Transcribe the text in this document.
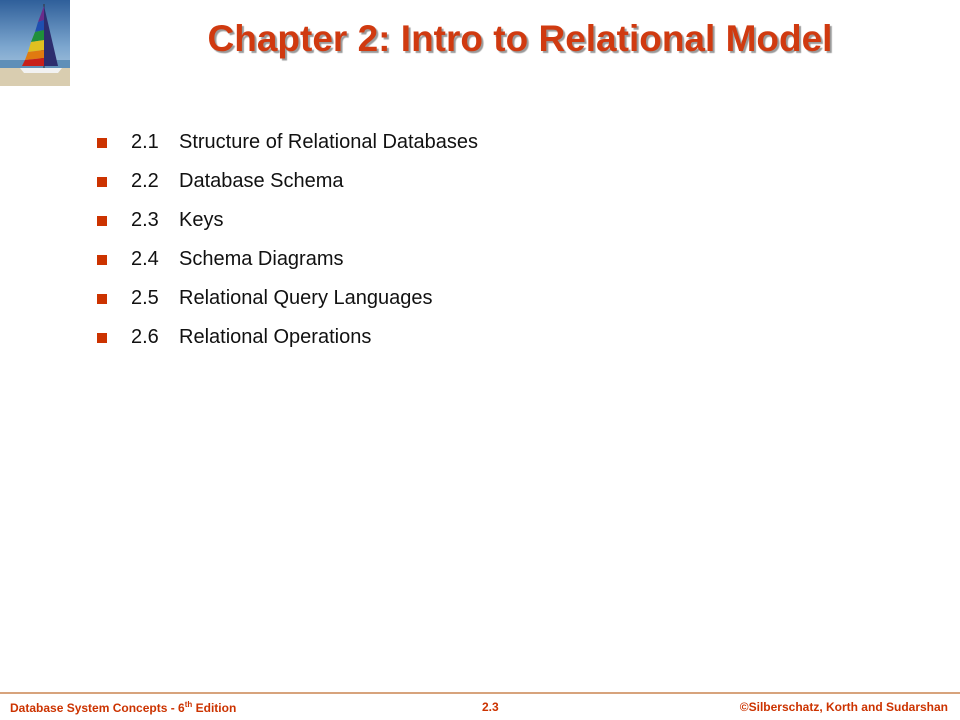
Chapter 2: Intro to Relational Model
2.1	Structure of Relational Databases
2.2	Database Schema
2.3	Keys
2.4	Schema Diagrams
2.5	Relational Query Languages
2.6	Relational Operations
Database System Concepts - 6th Edition	2.3	©Silberschatz, Korth and Sudarshan
